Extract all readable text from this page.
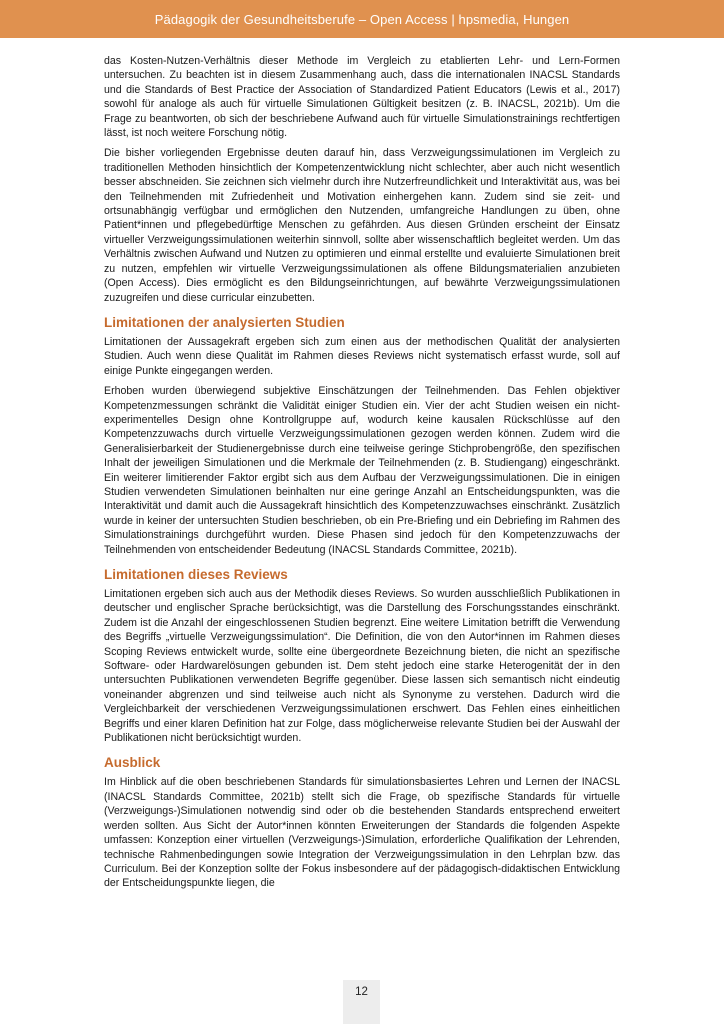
Pädagogik der Gesundheitsberufe – Open Access | hpsmedia, Hungen

das Kosten-Nutzen-Verhältnis dieser Methode im Vergleich zu etablierten Lehr- und Lern-Formen untersuchen. Zu beachten ist in diesem Zusammenhang auch, dass die internationalen INACSL Standards und die Standards of Best Practice der Association of Standardized Patient Educators (Lewis et al., 2017) sowohl für analoge als auch für virtuelle Simulationen Gültigkeit besitzen (z. B. INACSL, 2021b). Um die Frage zu beantworten, ob sich der beschriebene Aufwand auch für virtuelle Simulationstrainings rechtfertigen lässt, ist noch weitere Forschung nötig.

Die bisher vorliegenden Ergebnisse deuten darauf hin, dass Verzweigungssimulationen im Vergleich zu traditionellen Methoden hinsichtlich der Kompetenzentwicklung nicht schlechter, aber auch nicht wesentlich besser abschneiden. Sie zeichnen sich vielmehr durch ihre Nutzerfreundlichkeit und Interaktivität aus, was bei den Teilnehmenden mit Zufriedenheit und Motivation einhergehen kann. Zudem sind sie zeit- und ortsunabhängig verfügbar und ermöglichen den Nutzenden, umfangreiche Handlungen zu üben, ohne Patient*innen und pflegebedürftige Menschen zu gefährden. Aus diesen Gründen erscheint der Einsatz virtueller Verzweigungssimulationen weiterhin sinnvoll, sollte aber wissenschaftlich begleitet werden. Um das Verhältnis zwischen Aufwand und Nutzen zu optimieren und einmal erstellte und evaluierte Simulationen breit zu nutzen, empfehlen wir virtuelle Verzweigungssimulationen als offene Bildungsmaterialien anzubieten (Open Access). Dies ermöglicht es den Bildungseinrichtungen, auf bewährte Verzweigungssimulationen zuzugreifen und diese curricular einzubetten.

Limitationen der analysierten Studien

Limitationen der Aussagekraft ergeben sich zum einen aus der methodischen Qualität der analysierten Studien. Auch wenn diese Qualität im Rahmen dieses Reviews nicht systematisch erfasst wurde, soll auf einige Punkte eingegangen werden.

Erhoben wurden überwiegend subjektive Einschätzungen der Teilnehmenden. Das Fehlen objektiver Kompetenzmessungen schränkt die Validität einiger Studien ein. Vier der acht Studien weisen ein nicht-experimentelles Design ohne Kontrollgruppe auf, wodurch keine kausalen Rückschlüsse auf den Kompetenzzuwachs durch virtuelle Verzweigungssimulationen gezogen werden können. Zudem wird die Generalisierbarkeit der Studienergebnisse durch eine teilweise geringe Stichprobengröße, den spezifischen Inhalt der jeweiligen Simulationen und die Merkmale der Teilnehmenden (z. B. Studiengang) eingeschränkt. Ein weiterer limitierender Faktor ergibt sich aus dem Aufbau der Verzweigungssimulationen. Die in einigen Studien verwendeten Simulationen beinhalten nur eine geringe Anzahl an Entscheidungspunkten, was die Interaktivität und damit auch die Aussagekraft hinsichtlich des Kompetenzzuwachses einschränkt. Zusätzlich wurde in keiner der untersuchten Studien beschrieben, ob ein Pre-Briefing und ein Debriefing im Rahmen des Simulationstrainings durchgeführt wurden. Diese Phasen sind jedoch für den Kompetenzzuwachs der Teilnehmenden von entscheidender Bedeutung (INACSL Standards Committee, 2021b).

Limitationen dieses Reviews

Limitationen ergeben sich auch aus der Methodik dieses Reviews. So wurden ausschließlich Publikationen in deutscher und englischer Sprache berücksichtigt, was die Darstellung des Forschungsstandes einschränkt. Zudem ist die Anzahl der eingeschlossenen Studien begrenzt. Eine weitere Limitation betrifft die Verwendung des Begriffs „virtuelle Verzweigungssimulation“. Die Definition, die von den Autor*innen im Rahmen dieses Scoping Reviews entwickelt wurde, sollte eine übergeordnete Bezeichnung bieten, die nicht an spezifische Software- oder Hardwarelösungen gebunden ist. Dem steht jedoch eine starke Heterogenität der in den untersuchten Publikationen verwendeten Begriffe gegenüber. Diese lassen sich semantisch nicht eindeutig voneinander abgrenzen und sind teilweise auch nicht als Synonyme zu verstehen. Dadurch wird die Vergleichbarkeit der verschiedenen Verzweigungssimulationen erschwert. Das Fehlen eines einheitlichen Begriffs und einer klaren Definition hat zur Folge, dass möglicherweise relevante Studien bei der Auswahl der Publikationen nicht berücksichtigt wurden.

Ausblick

Im Hinblick auf die oben beschriebenen Standards für simulationsbasiertes Lehren und Lernen der INACSL (INACSL Standards Committee, 2021b) stellt sich die Frage, ob spezifische Standards für virtuelle (Verzweigungs-)Simulationen notwendig sind oder ob die bestehenden Standards entsprechend erweitert werden sollten. Aus Sicht der Autor*innen könnten Erweiterungen der Standards die folgenden Aspekte umfassen: Konzeption einer virtuellen (Verzweigungs-)Simulation, erforderliche Qualifikation der Lehrenden, technische Rahmenbedingungen sowie Integration der Verzweigungssimulation in den Lehrplan bzw. das Curriculum. Bei der Konzeption sollte der Fokus insbesondere auf der pädagogisch-didaktischen Entwicklung der Entscheidungspunkte liegen, die

12
